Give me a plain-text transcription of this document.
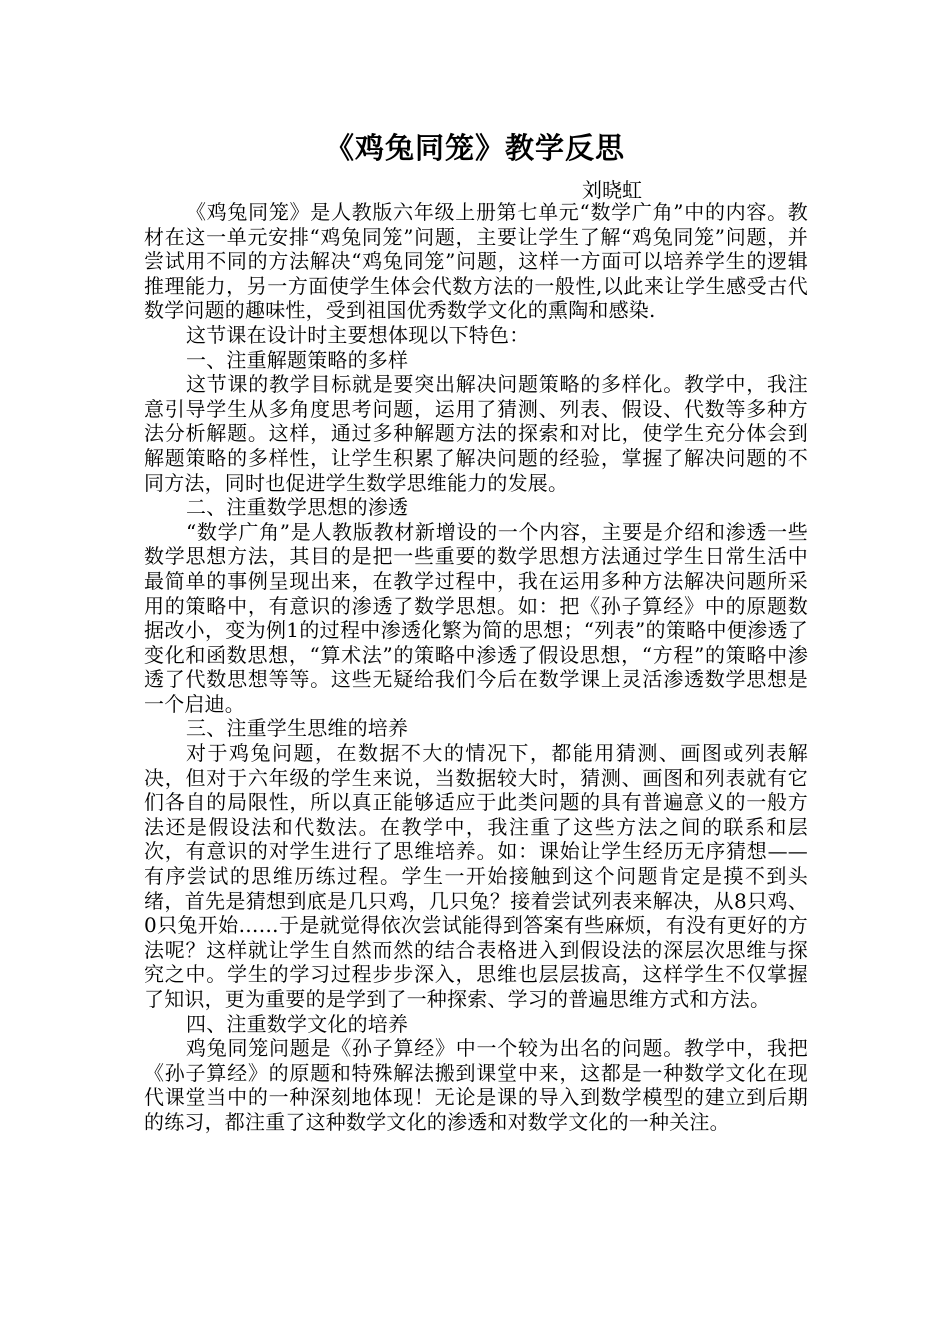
《鸡兔同笼》教学反思
刘晓虹

《鸡兔同笼》是人教版六年级上册第七单元“数学广角”中的内容。教材在这一单元安排“鸡兔同笼”问题，主要让学生了解“鸡兔同笼”问题，并尝试用不同的方法解决“鸡兔同笼”问题，这样一方面可以培养学生的逻辑推理能力，另一方面使学生体会代数方法的一般性,以此来让学生感受古代数学问题的趣味性，受到祖国优秀数学文化的熏陶和感染.

这节课在设计时主要想体现以下特色：

一、注重解题策略的多样

这节课的教学目标就是要突出解决问题策略的多样化。教学中，我注意引导学生从多角度思考问题，运用了猜测、列表、假设、代数等多种方法分析解题。这样，通过多种解题方法的探索和对比，使学生充分体会到解题策略的多样性，让学生积累了解决问题的经验，掌握了解决问题的不同方法，同时也促进学生数学思维能力的发展。

二、注重数学思想的渗透

“数学广角”是人教版教材新增设的一个内容，主要是介绍和渗透一些数学思想方法，其目的是把一些重要的数学思想方法通过学生日常生活中最简单的事例呈现出来，在教学过程中，我在运用多种方法解决问题所采用的策略中，有意识的渗透了数学思想。如：把《孙子算经》中的原题数据改小，变为例1的过程中渗透化繁为简的思想；“列表”的策略中便渗透了变化和函数思想，“算术法”的策略中渗透了假设思想，“方程”的策略中渗透了代数思想等等。这些无疑给我们今后在数学课上灵活渗透数学思想是一个启迪。

三、注重学生思维的培养

对于鸡兔问题，在数据不大的情况下，都能用猜测、画图或列表解决，但对于六年级的学生来说，当数据较大时，猜测、画图和列表就有它们各自的局限性，所以真正能够适应于此类问题的具有普遍意义的一般方法还是假设法和代数法。在教学中，我注重了这些方法之间的联系和层次，有意识的对学生进行了思维培养。如：课始让学生经历无序猜想——有序尝试的思维历练过程。学生一开始接触到这个问题肯定是摸不到头绪，首先是猜想到底是几只鸡，几只兔？接着尝试列表来解决，从8只鸡、0只兔开始……于是就觉得依次尝试能得到答案有些麻烦，有没有更好的方法呢？这样就让学生自然而然的结合表格进入到假设法的深层次思维与探究之中。学生的学习过程步步深入，思维也层层拔高，这样学生不仅掌握了知识，更为重要的是学到了一种探索、学习的普遍思维方式和方法。

四、注重数学文化的培养

鸡兔同笼问题是《孙子算经》中一个较为出名的问题。教学中，我把《孙子算经》的原题和特殊解法搬到课堂中来，这都是一种数学文化在现代课堂当中的一种深刻地体现！无论是课的导入到数学模型的建立到后期的练习，都注重了这种数学文化的渗透和对数学文化的一种关注。
